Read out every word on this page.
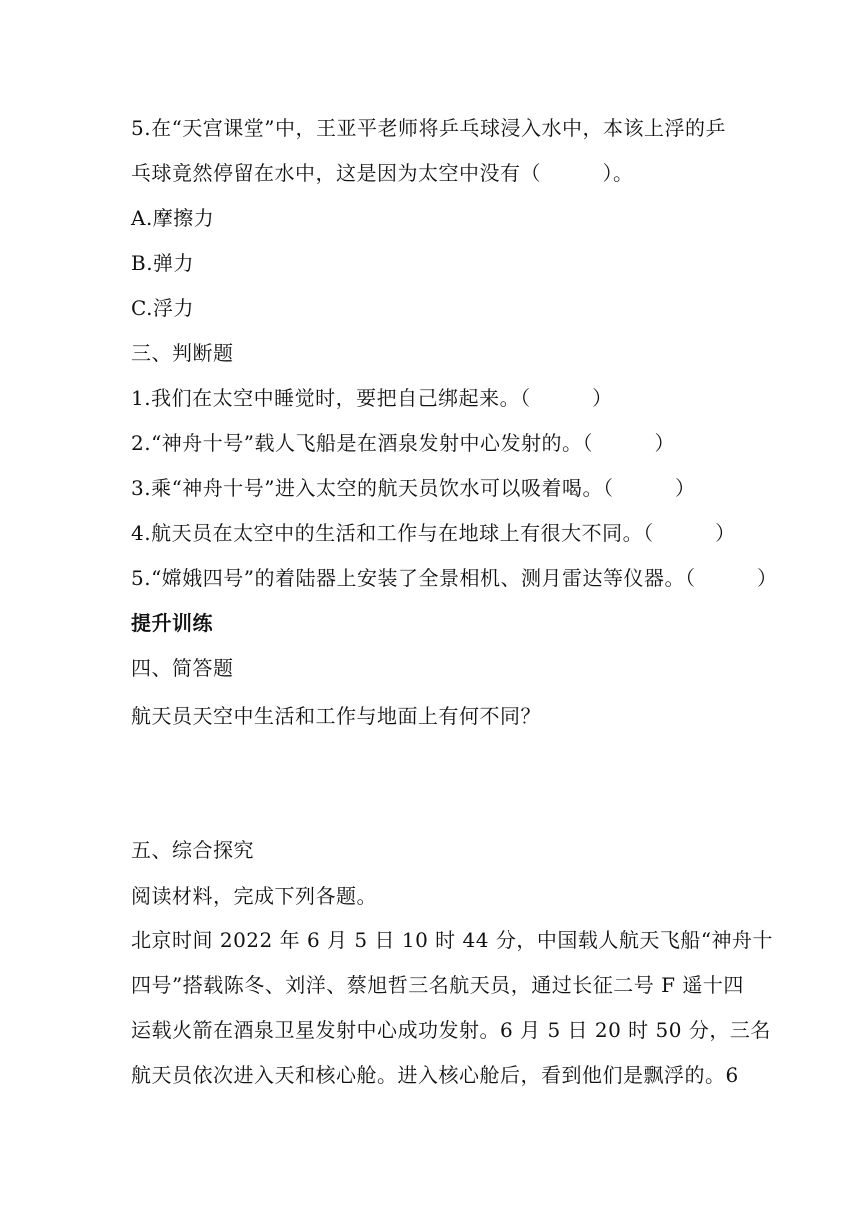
5.在“天宫课堂”中，王亚平老师将乒乓球浸入水中，本该上浮的乒
乓球竟然停留在水中，这是因为太空中没有（　　　）。
A.摩擦力
B.弹力
C.浮力
三、判断题
1.我们在太空中睡觉时，要把自己绑起来。（　　　）
2.“神舟十号”载人飞船是在酒泉发射中心发射的。（　　　）
3.乘“神舟十号”进入太空的航天员饮水可以吸着喝。（　　　）
4.航天员在太空中的生活和工作与在地球上有很大不同。（　　　）
5.“嫦娥四号”的着陆器上安装了全景相机、测月雷达等仪器。（　　　）
提升训练
四、简答题
航天员天空中生活和工作与地面上有何不同？
五、综合探究
阅读材料，完成下列各题。
北京时间 2022 年 6 月 5 日 10 时 44 分，中国载人航天飞船“神舟十
四号”搭载陈冬、刘洋、蔡旭哲三名航天员，通过长征二号 F 遥十四
运载火箭在酒泉卫星发射中心成功发射。6 月 5 日 20 时 50 分，三名
航天员依次进入天和核心舱。进入核心舱后，看到他们是飘浮的。6
